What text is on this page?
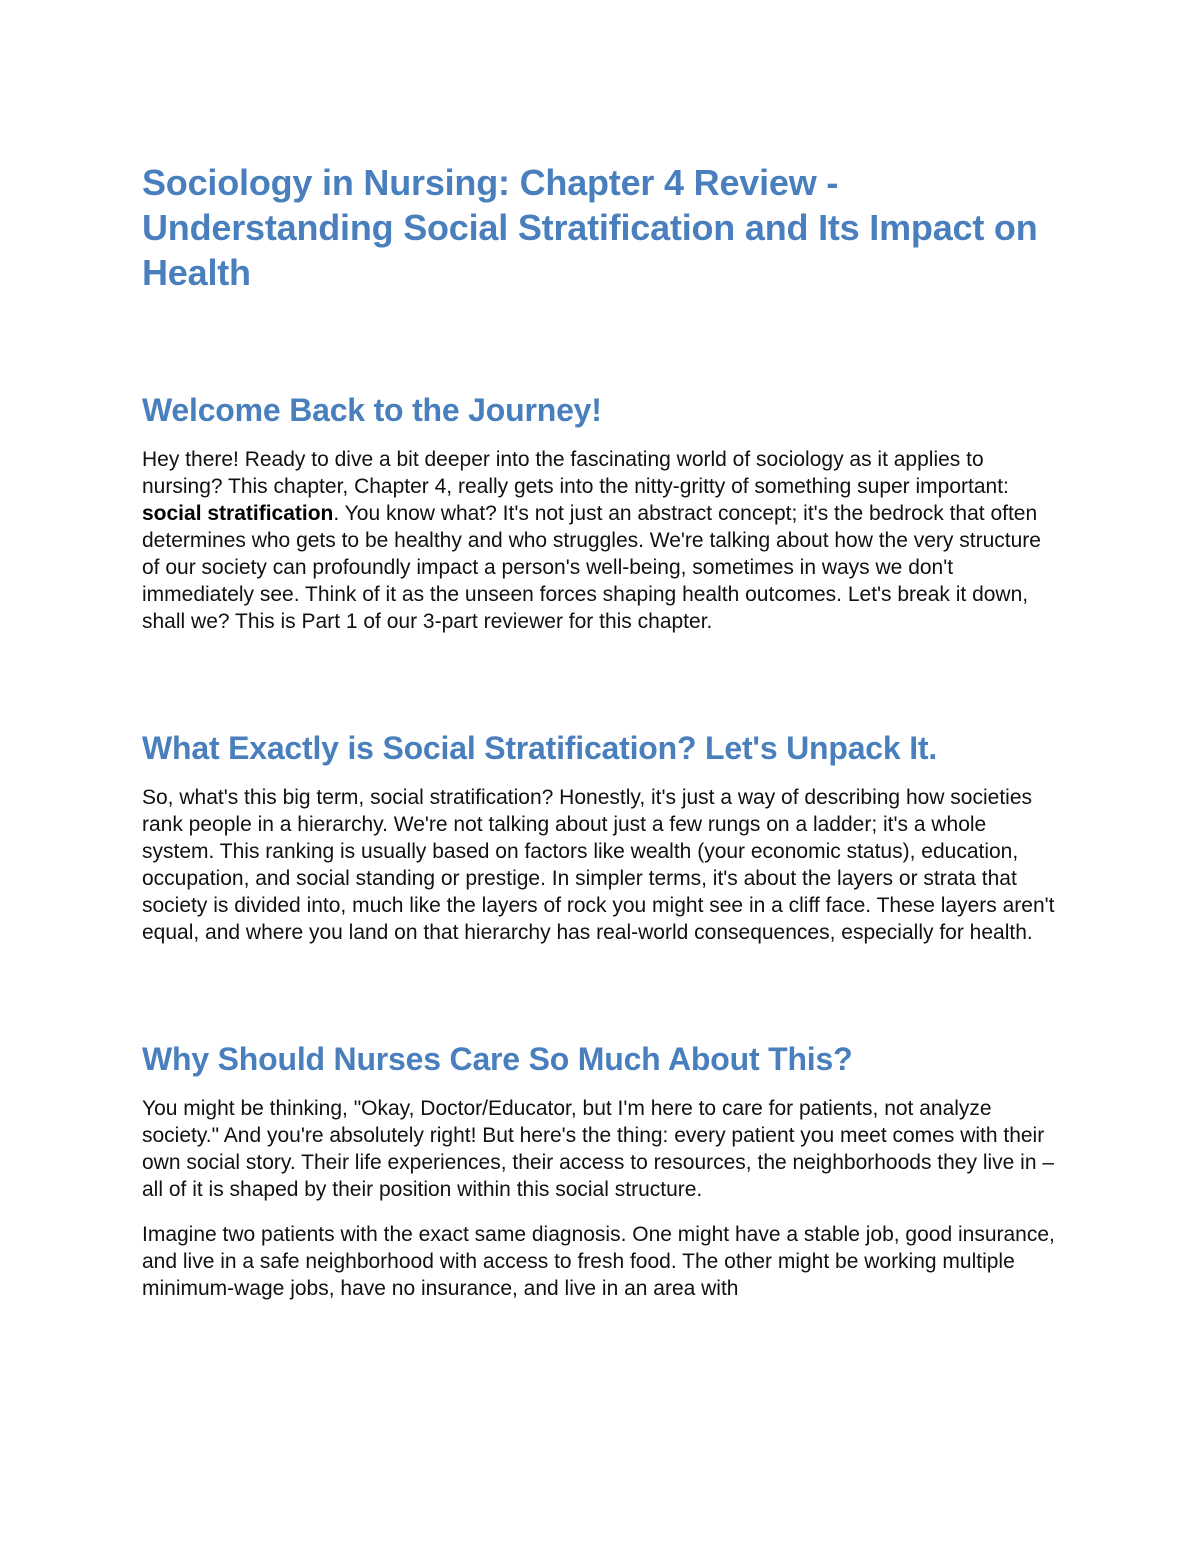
Sociology in Nursing: Chapter 4 Review - Understanding Social Stratification and Its Impact on Health
Welcome Back to the Journey!

Hey there! Ready to dive a bit deeper into the fascinating world of sociology as it applies to nursing? This chapter, Chapter 4, really gets into the nitty-gritty of something super important: social stratification. You know what? It's not just an abstract concept; it's the bedrock that often determines who gets to be healthy and who struggles. We're talking about how the very structure of our society can profoundly impact a person's well-being, sometimes in ways we don't immediately see. Think of it as the unseen forces shaping health outcomes. Let's break it down, shall we? This is Part 1 of our 3-part reviewer for this chapter.

What Exactly is Social Stratification? Let's Unpack It.

So, what's this big term, social stratification? Honestly, it's just a way of describing how societies rank people in a hierarchy. We're not talking about just a few rungs on a ladder; it's a whole system. This ranking is usually based on factors like wealth (your economic status), education, occupation, and social standing or prestige. In simpler terms, it's about the layers or strata that society is divided into, much like the layers of rock you might see in a cliff face. These layers aren't equal, and where you land on that hierarchy has real-world consequences, especially for health.

Why Should Nurses Care So Much About This?

You might be thinking, "Okay, Doctor/Educator, but I'm here to care for patients, not analyze society." And you're absolutely right! But here's the thing: every patient you meet comes with their own social story. Their life experiences, their access to resources, the neighborhoods they live in – all of it is shaped by their position within this social structure.

Imagine two patients with the exact same diagnosis. One might have a stable job, good insurance, and live in a safe neighborhood with access to fresh food. The other might be working multiple minimum-wage jobs, have no insurance, and live in an area with
